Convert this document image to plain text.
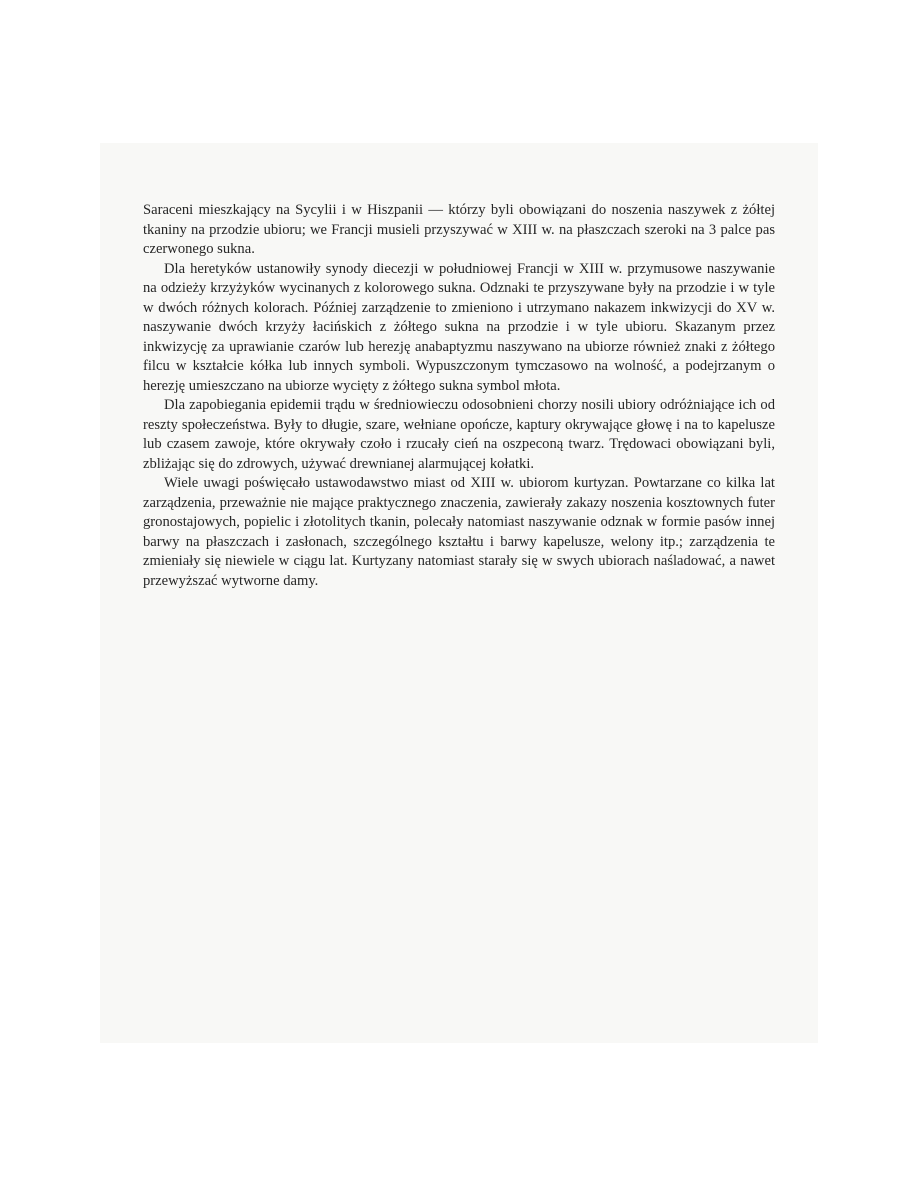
Saraceni mieszkający na Sycylii i w Hiszpanii — którzy byli obowiązani do noszenia naszywek z żółtej tkaniny na przodzie ubioru; we Francji musieli przyszywać w XIII w. na płaszczach szeroki na 3 palce pas czerwonego sukna.

Dla heretyków ustanowiły synody diecezji w południowej Francji w XIII w. przymusowe naszywanie na odzieży krzyżyków wycinanych z kolorowego sukna. Odznaki te przyszywane były na przodzie i w tyle w dwóch różnych kolorach. Później zarządzenie to zmieniono i utrzymano nakazem inkwizycji do XV w. naszywanie dwóch krzyży łacińskich z żółtego sukna na przodzie i w tyle ubioru. Skazanym przez inkwizycję za uprawianie czarów lub herezję anabaptyzmu naszywano na ubiorze również znaki z żółtego filcu w kształcie kółka lub innych symboli. Wypuszczonym tymczasowo na wolność, a podejrzanym o herezję umieszczano na ubiorze wycięty z żółtego sukna symbol młota.

Dla zapobiegania epidemii trądu w średniowieczu odosobnieni chorzy nosili ubiory odróżniające ich od reszty społeczeństwa. Były to długie, szare, wełniane opończe, kaptury okrywające głowę i na to kapelusze lub czasem zawoje, które okrywały czoło i rzucały cień na oszpeconą twarz. Trędowaci obowiązani byli, zbliżając się do zdrowych, używać drewnianej alarmującej kołatki.

Wiele uwagi poświęcało ustawodawstwo miast od XIII w. ubiorom kurtyzan. Powtarzane co kilka lat zarządzenia, przeważnie nie mające praktycznego znaczenia, zawierały zakazy noszenia kosztownych futer gronostajowych, popielic i złotolitych tkanin, polecały natomiast naszywanie odznak w formie pasów innej barwy na płaszczach i zasłonach, szczególnego kształtu i barwy kapelusze, welony itp.; zarządzenia te zmieniały się niewiele w ciągu lat. Kurtyzany natomiast starały się w swych ubiorach naśladować, a nawet przewyższać wytworne damy.
